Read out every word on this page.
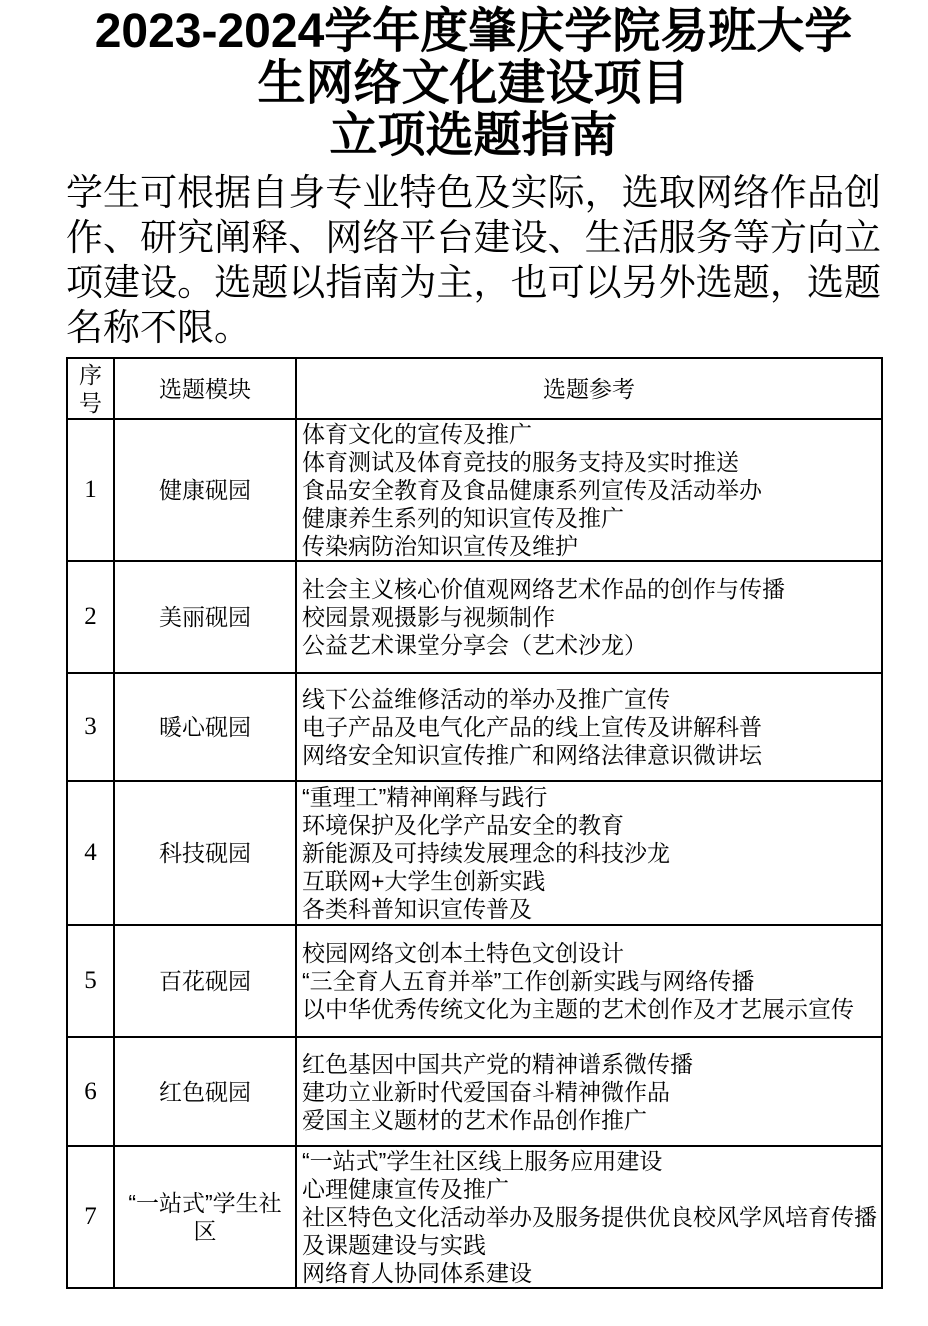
2023-2024学年度肇庆学院易班大学
生网络文化建设项目
立项选题指南

学生可根据自身专业特色及实际，选取网络作品创作、研究阐释、网络平台建设、生活服务等方向立项建设。选题以指南为主，也可以另外选题，选题名称不限。

序号	选题模块	选题参考
1	健康砚园	体育文化的宣传及推广
体育测试及体育竞技的服务支持及实时推送
食品安全教育及食品健康系列宣传及活动举办
健康养生系列的知识宣传及推广
传染病防治知识宣传及维护

2	美丽砚园	社会主义核心价值观网络艺术作品的创作与传播
校园景观摄影与视频制作
公益艺术课堂分享会（艺术沙龙）

3	暖心砚园	线下公益维修活动的举办及推广宣传
电子产品及电气化产品的线上宣传及讲解科普
网络安全知识宣传推广和网络法律意识微讲坛

4	科技砚园	“重理工”精神阐释与践行
环境保护及化学产品安全的教育
新能源及可持续发展理念的科技沙龙
互联网+大学生创新实践
各类科普知识宣传普及

5	百花砚园	校园网络文创本土特色文创设计
“三全育人五育并举”工作创新实践与网络传播
以中华优秀传统文化为主题的艺术创作及才艺展示宣传

6	红色砚园	红色基因中国共产党的精神谱系微传播
建功立业新时代爱国奋斗精神微作品
爱国主义题材的艺术作品创作推广

7	“一站式”学生社区	“一站式”学生社区线上服务应用建设
心理健康宣传及推广
社区特色文化活动举办及服务提供优良校风学风培育传播及课题建设与实践
网络育人协同体系建设
